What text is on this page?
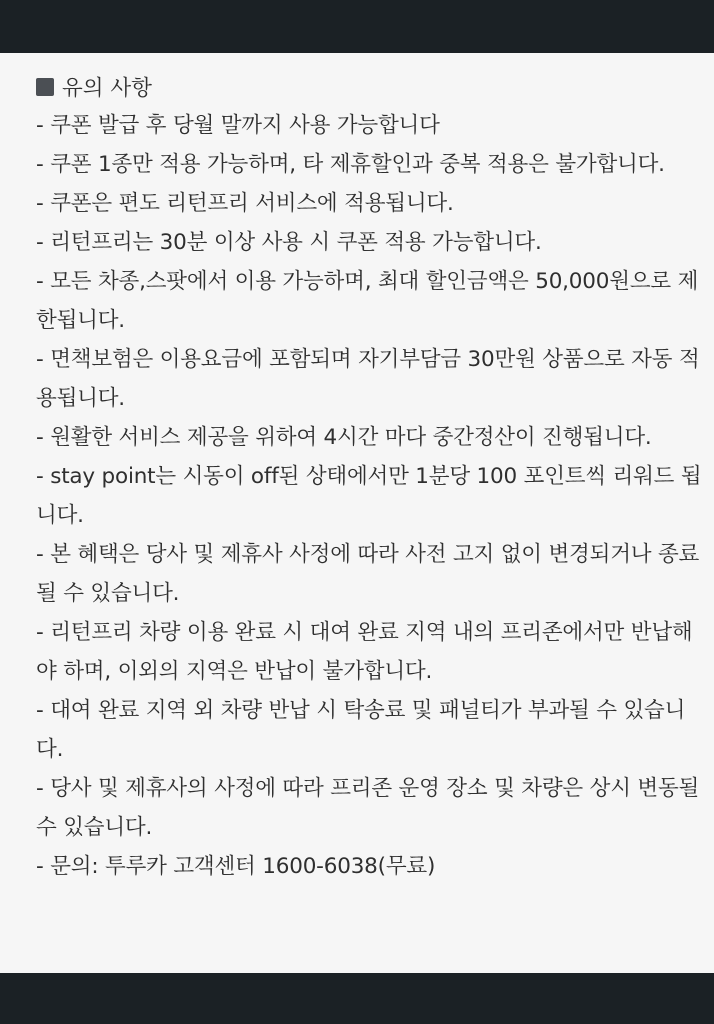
유의 사항
- 쿠폰 발급 후 당월 말까지 사용 가능합니다
- 쿠폰 1종만 적용 가능하며, 타 제휴할인과 중복 적용은 불가합니다.
- 쿠폰은 편도 리턴프리 서비스에 적용됩니다.
- 리턴프리는 30분 이상 사용 시 쿠폰 적용 가능합니다.
- 모든 차종,스팟에서 이용 가능하며, 최대 할인금액은 50,000원으로 제한됩니다.
- 면책보험은 이용요금에 포함되며 자기부담금 30만원 상품으로 자동 적용됩니다.
- 원활한 서비스 제공을 위하여 4시간 마다 중간정산이 진행됩니다.
- stay point는 시동이 off된 상태에서만 1분당 100 포인트씩 리워드 됩니다.
- 본 혜택은 당사 및 제휴사 사정에 따라 사전 고지 없이 변경되거나 종료될 수 있습니다.
- 리턴프리 차량 이용 완료 시 대여 완료 지역 내의 프리존에서만 반납해야 하며, 이외의 지역은 반납이 불가합니다.
- 대여 완료 지역 외 차량 반납 시 탁송료 및 패널티가 부과될 수 있습니다.
- 당사 및 제휴사의 사정에 따라 프리존 운영 장소 및 차량은 상시 변동될 수 있습니다.
- 문의: 투루카 고객센터 1600-6038(무료)
